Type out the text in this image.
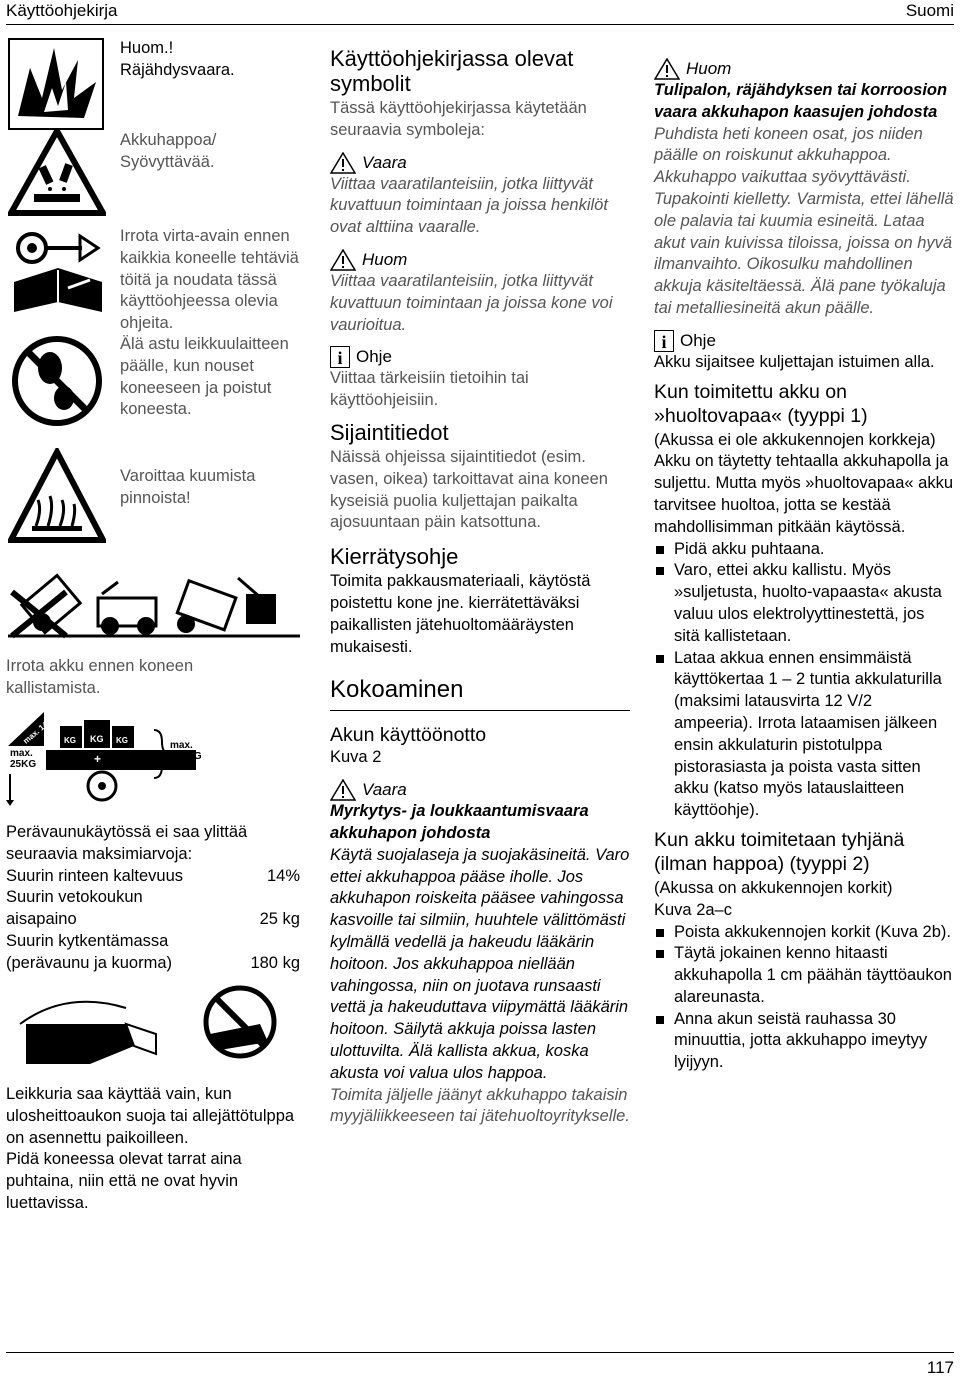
Käyttöohjekirja	Suomi
117
Huom.! Räjähdysvaara.
Akkuhappoa/ Syövyttävää.
Irrota virta-avain ennen kaikkia koneelle tehtäviä töitä ja noudata tässä käyttöohjeessa olevia ohjeita.
Älä astu leikkuulaitteen päälle, kun nouset koneeseen ja poistut koneesta.
Varoittaa kuumista pinnoista!
Irrota akku ennen koneen kallistamista.
max. 14%
max. 25KG
KG KG KG
+
max. 180KG

Perävaunukäytössä ei saa ylittää seuraavia maksimiarvoja:

Suurin rinteen kaltevuus	14%
Suurin vetokoukun aisapaino	25 kg
Suurin kytkentämassa (perävaunu ja kuorma)	180 kg

Leikkuria saa käyttää vain, kun ulosheittoaukon suoja tai allejättötulppa on asennettu paikoilleen.

Pidä koneessa olevat tarrat aina puhtaina, niin että ne ovat hyvin luettavissa.

Käyttöohjekirjassa olevat symbolit

Tässä käyttöohjekirjassa käytetään seuraavia symboleja:

Vaara

Viittaa vaaratilanteisiin, jotka liittyvät kuvattuun toimintaan ja joissa henkilöt ovat alttiina vaaralle.

Huom

Viittaa vaaratilanteisiin, jotka liittyvät kuvattuun toimintaan ja joissa kone voi vaurioitua.

i Ohje

Viittaa tärkeisiin tietoihin tai käyttöohjeisiin.

Sijaintitiedot

Näissä ohjeissa sijaintitiedot (esim. vasen, oikea) tarkoittavat aina koneen kyseisiä puolia kuljettajan paikalta ajosuuntaan päin katsottuna.

Kierrätysohje

Toimita pakkausmateriaali, käytöstä poistettu kone jne. kierrätettäväksi paikallisten jätehuoltomääräysten mukaisesti.

Kokoaminen

Akun käyttöönotto

Kuva 2

Vaara

Myrkytys- ja loukkaantumisvaara akkuhapon johdosta

Käytä suojalaseja ja suojakäsineitä. Varo ettei akkuhappoa pääse iholle. Jos akkuhapon roiskeita pääsee vahingossa kasvoille tai silmiin, huuhtele välittömästi kylmällä vedellä ja hakeudu lääkärin hoitoon. Jos akkuhappoa niellään vahingossa, niin on juotava runsaasti vettä ja hakeuduttava viipymättä lääkärin hoitoon. Säilytä akkuja poissa lasten ulottuvilta. Älä kallista akkua, koska akusta voi valua ulos happoa.

Toimita jäljelle jäänyt akkuhappo takaisin myyjäliikkeeseen tai jätehuoltoyritykselle.

Huom

Tulipalon, räjähdyksen tai korroosion vaara akkuhapon kaasujen johdosta

Puhdista heti koneen osat, jos niiden päälle on roiskunut akkuhappoa. Akkuhappo vaikuttaa syövyttävästi. Tupakointi kielletty. Varmista, ettei lähellä ole palavia tai kuumia esineitä. Lataa akut vain kuivissa tiloissa, joissa on hyvä ilmanvaihto. Oikosulku mahdollinen akkuja käsiteltäessä. Älä pane työkaluja tai metalliesineitä akun päälle.

i Ohje

Akku sijaitsee kuljettajan istuimen alla.

Kun toimitettu akku on »huoltovapaa« (tyyppi 1)

(Akussa ei ole akkukennojen korkkeja)

Akku on täytetty tehtaalla akkuhapolla ja suljettu. Mutta myös »huoltovapaa« akku tarvitsee huoltoa, jotta se kestää mahdollisimman pitkään käytössä.

Pidä akku puhtaana.
Varo, ettei akku kallistu. Myös »suljetusta, huolto-vapaasta« akusta valuu ulos elektrolyyttinestettä, jos sitä kallistetaan.
Lataa akkua ennen ensimmäistä käyttökertaa 1 – 2 tuntia akkulaturilla (maksimi latausvirta 12 V/2 ampeeria). Irrota lataamisen jälkeen ensin akkulaturin pistotulppa pistorasiasta ja poista vasta sitten akku (katso myös latauslaitteen käyttöohje).

Kun akku toimitetaan tyhjänä (ilman happoa) (tyyppi 2)

(Akussa on akkukennojen korkit)

Kuva 2a–c

Poista akkukennojen korkit (Kuva 2b).
Täytä jokainen kenno hitaasti akkuhapolla 1 cm päähän täyttöaukon alareunasta.
Anna akun seistä rauhassa 30 minuuttia, jotta akkuhappo imeytyy lyijyyn.
